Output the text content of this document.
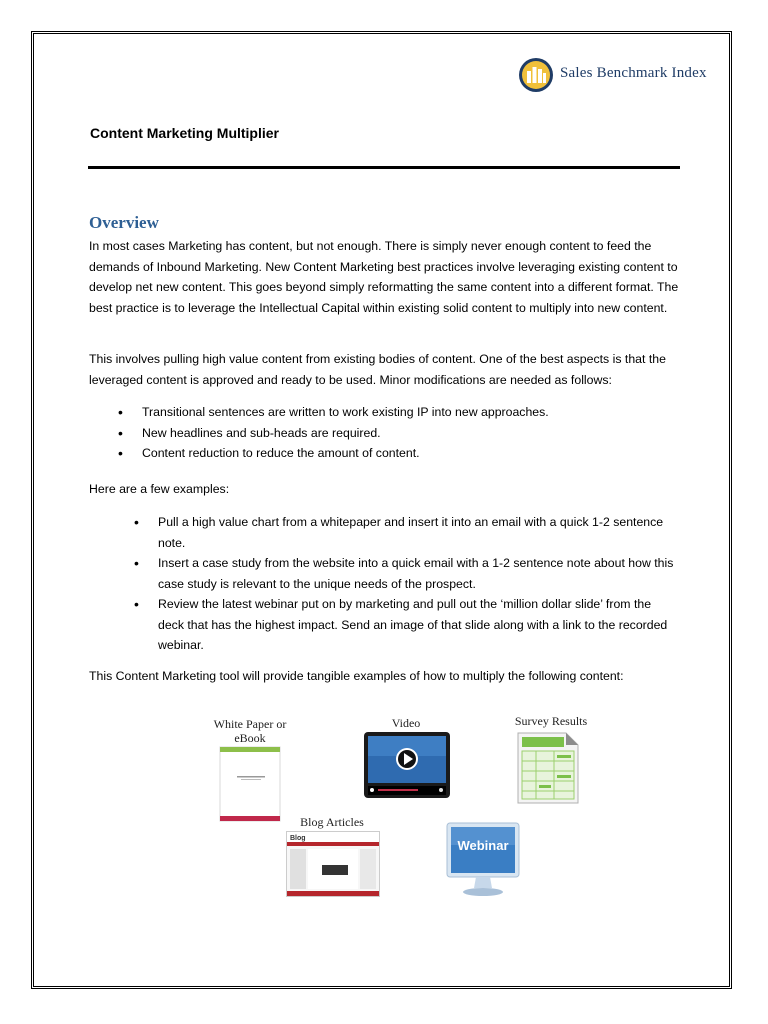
Sales Benchmark Index
Content Marketing Multiplier
Overview
In most cases Marketing has content, but not enough. There is simply never enough content to feed the demands of Inbound Marketing. New Content Marketing best practices involve leveraging existing content to develop net new content. This goes beyond simply reformatting the same content into a different format. The best practice is to leverage the Intellectual Capital within existing solid content to multiply into new content.
This involves pulling high value content from existing bodies of content. One of the best aspects is that the leveraged content is approved and ready to be used. Minor modifications are needed as follows:
• Transitional sentences are written to work existing IP into new approaches.
• New headlines and sub-heads are required.
• Content reduction to reduce the amount of content.
Here are a few examples:
• Pull a high value chart from a whitepaper and insert it into an email with a quick 1-2 sentence note.
• Insert a case study from the website into a quick email with a 1-2 sentence note about how this case study is relevant to the unique needs of the prospect.
• Review the latest webinar put on by marketing and pull out the ‘million dollar slide’ from the deck that has the highest impact. Send an image of that slide along with a link to the recorded webinar.
This Content Marketing tool will provide tangible examples of how to multiply the following content:
White Paper or eBook
Video	Survey Results
Blog Articles
Blog	Webinar
